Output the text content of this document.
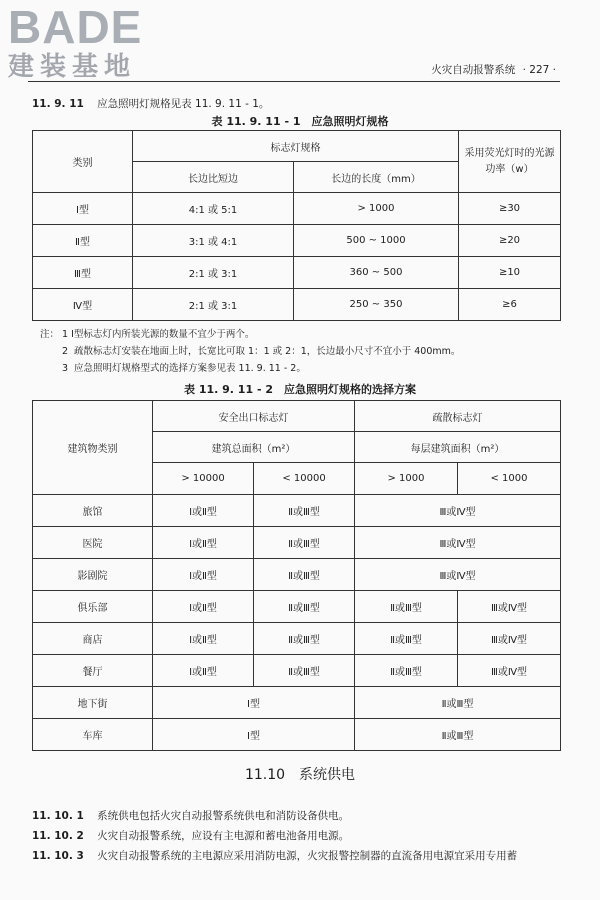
BADE
建装基地	火灾自动报警系统 · 227 ·
11. 9. 11 应急照明灯规格见表 11. 9. 11 - 1。
表 11. 9. 11 - 1　应急照明灯规格
类别	标志灯规格		采用荧光灯时的光源功率（w）
	长边比短边	长边的长度（mm）	
Ⅰ型	4:1 或 5:1	> 1000	≥30
Ⅱ型	3:1 或 4:1	500 ~ 1000	≥20
Ⅲ型	2:1 或 3:1	360 ~ 500	≥10
Ⅳ型	2:1 或 3:1	250 ~ 350	≥6
注： 1 Ⅰ型标志灯内所装光源的数量不宜少于两个。
2 疏散标志灯安装在地面上时，长宽比可取 1：1 或 2：1，长边最小尺寸不宜小于 400mm。
3 应急照明灯规格型式的选择方案参见表 11. 9. 11 - 2。
表 11. 9. 11 - 2　应急照明灯规格的选择方案
建筑物类别	安全出口标志灯		疏散标志灯	
	建筑总面积（m²）		每层建筑面积（m²）	
	> 10000	< 10000	> 1000	< 1000
旅馆	Ⅰ或Ⅱ型	Ⅱ或Ⅲ型	Ⅲ或Ⅳ型	
医院	Ⅰ或Ⅱ型	Ⅱ或Ⅲ型	Ⅲ或Ⅳ型	
影剧院	Ⅰ或Ⅱ型	Ⅱ或Ⅲ型	Ⅲ或Ⅳ型	
俱乐部	Ⅰ或Ⅱ型	Ⅱ或Ⅲ型	Ⅱ或Ⅲ型	Ⅲ或Ⅳ型
商店	Ⅰ或Ⅱ型	Ⅱ或Ⅲ型	Ⅱ或Ⅲ型	Ⅲ或Ⅳ型
餐厅	Ⅰ或Ⅱ型	Ⅱ或Ⅲ型	Ⅱ或Ⅲ型	Ⅲ或Ⅳ型
地下街	Ⅰ型		Ⅱ或Ⅲ型	
车库	Ⅰ型		Ⅱ或Ⅲ型	
11.10 系统供电
11. 10. 1 系统供电包括火灾自动报警系统供电和消防设备供电。
11. 10. 2 火灾自动报警系统，应设有主电源和蓄电池备用电源。
11. 10. 3 火灾自动报警系统的主电源应采用消防电源，火灾报警控制器的直流备用电源宜采用专用蓄
